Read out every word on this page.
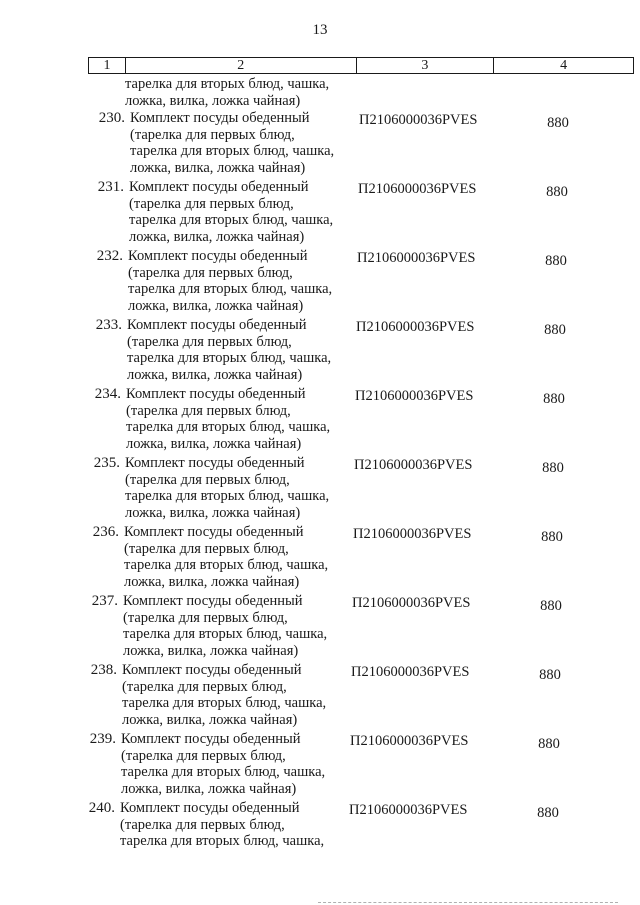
13
1	2	3	4
тарелка для вторых блюд, чашка,
ложка, вилка, ложка чайная)
230. Комплект посуды обеденный
(тарелка для первых блюд,
тарелка для вторых блюд, чашка,
ложка, вилка, ложка чайная)
П2106000036PVES	880
231. Комплект посуды обеденный
(тарелка для первых блюд,
тарелка для вторых блюд, чашка,
ложка, вилка, ложка чайная)
П2106000036PVES	880
232. Комплект посуды обеденный
(тарелка для первых блюд,
тарелка для вторых блюд, чашка,
ложка, вилка, ложка чайная)
П2106000036PVES	880
233. Комплект посуды обеденный
(тарелка для первых блюд,
тарелка для вторых блюд, чашка,
ложка, вилка, ложка чайная)
П2106000036PVES	880
234. Комплект посуды обеденный
(тарелка для первых блюд,
тарелка для вторых блюд, чашка,
ложка, вилка, ложка чайная)
П2106000036PVES	880
235. Комплект посуды обеденный
(тарелка для первых блюд,
тарелка для вторых блюд, чашка,
ложка, вилка, ложка чайная)
П2106000036PVES	880
236. Комплект посуды обеденный
(тарелка для первых блюд,
тарелка для вторых блюд, чашка,
ложка, вилка, ложка чайная)
П2106000036PVES	880
237. Комплект посуды обеденный
(тарелка для первых блюд,
тарелка для вторых блюд, чашка,
ложка, вилка, ложка чайная)
П2106000036PVES	880
238. Комплект посуды обеденный
(тарелка для первых блюд,
тарелка для вторых блюд, чашка,
ложка, вилка, ложка чайная)
П2106000036PVES	880
239. Комплект посуды обеденный
(тарелка для первых блюд,
тарелка для вторых блюд, чашка,
ложка, вилка, ложка чайная)
П2106000036PVES	880
240. Комплект посуды обеденный
(тарелка для первых блюд,
тарелка для вторых блюд, чашка,
П2106000036PVES	880
